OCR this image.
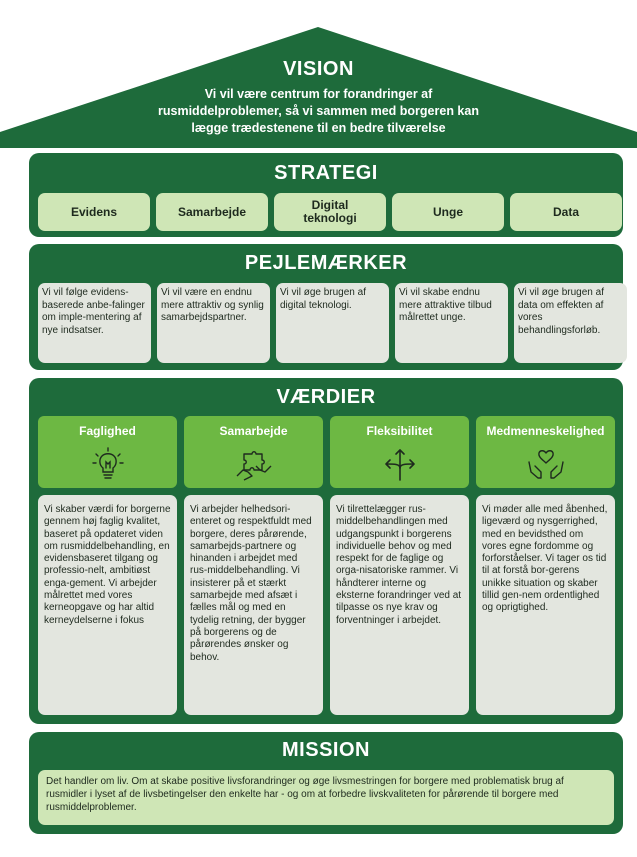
VISION
Vi vil være centrum for forandringer af rusmiddelproblemer, så vi sammen med borgeren kan lægge trædestenene til en bedre tilværelse
STRATEGI
Evidens	Samarbejde	Digital teknologi	Unge	Data
PEJLEMÆRKER
Vi vil følge evidens-baserede anbe-falinger om imple-mentering af nye indsatser.
Vi vil være en endnu mere attraktiv og synlig samarbejdspartner.
Vi vil øge brugen af digital teknologi.
Vi vil skabe endnu mere attraktive tilbud målrettet unge.
Vi vil øge brugen af data om effekten af vores behandlingsforløb.
VÆRDIER
Faglighed
Vi skaber værdi for borgerne gennem høj faglig kvalitet, baseret på opdateret viden om rusmiddelbehandling, en evidensbaseret tilgang og professio-nelt, ambitiøst enga-gement. Vi arbejder målrettet med vores kerneopgave og har altid kerneydelserne i fokus
Samarbejde
Vi arbejder helhedsori-enteret og respektfuldt med borgere, deres pårørende, samarbejds-partnere og hinanden i arbejdet med rus-middelbehandling. Vi insisterer på et stærkt samarbejde med afsæt i fælles mål og med en tydelig retning, der bygger på borgerens og de pårørendes ønsker og behov.
Fleksibilitet
Vi tilrettelægger rus-middelbehandlingen med udgangspunkt i borgerens individuelle behov og med respekt for de faglige og orga-nisatoriske rammer. Vi håndterer interne og eksterne forandringer ved at tilpasse os nye krav og forventninger i arbejdet.
Medmenneskelighed
Vi møder alle med åbenhed, ligeværd og nysgerrighed, med en bevidsthed om vores egne fordomme og forforståelser. Vi tager os tid til at forstå bor-gerens unikke situation og skaber tillid gen-nem ordentlighed og oprigtighed.
MISSION
Det handler om liv. Om at skabe positive livsforandringer og øge livsmestringen for borgere med problematisk brug af rusmidler i lyset af de livsbetingelser den enkelte har - og om at forbedre livskvaliteten for pårørende til borgere med rusmiddelproblemer.
